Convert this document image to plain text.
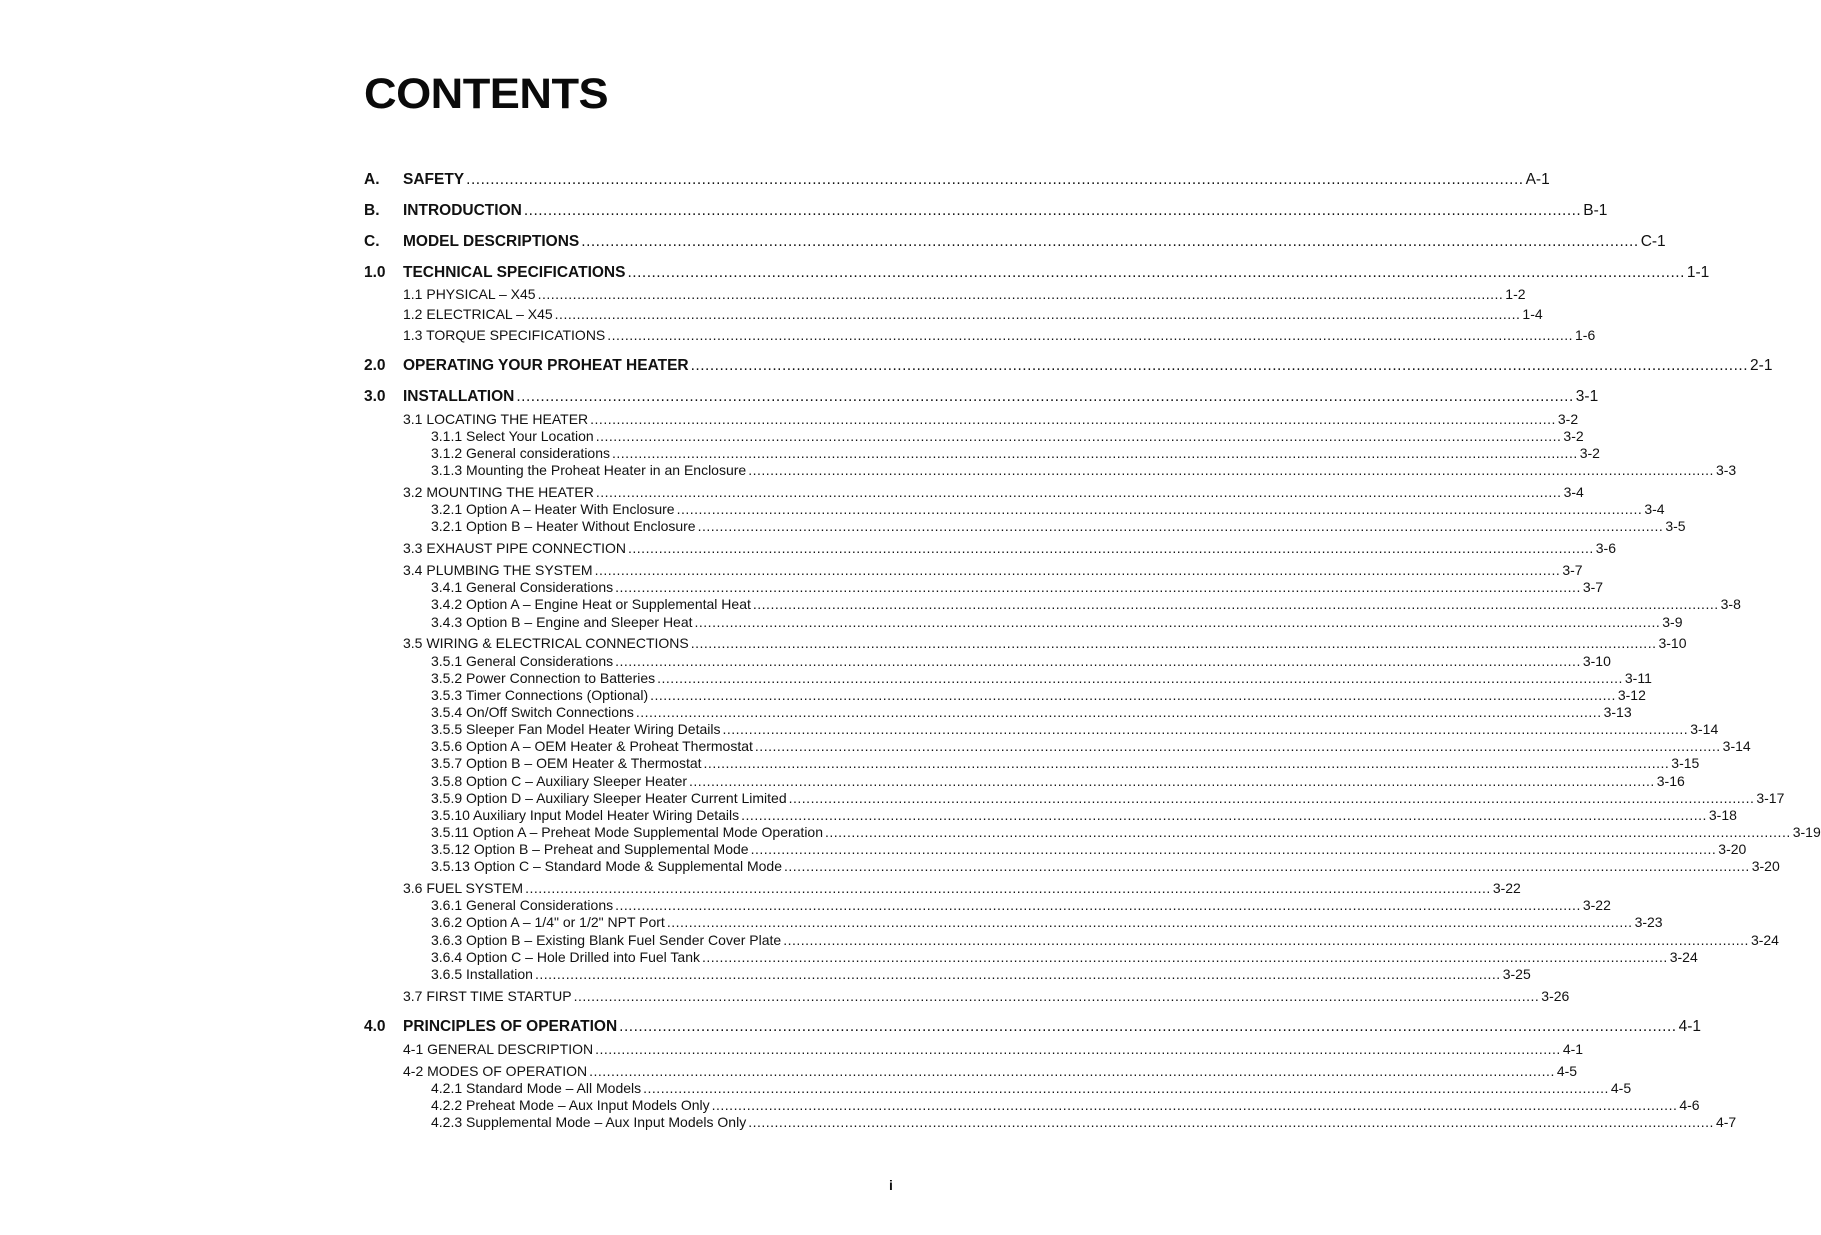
CONTENTS
A. SAFETY ............................................................................................................................................................................................................................ A-1
B. INTRODUCTION ............................................................................................................................................................................................................................ B-1
C. MODEL DESCRIPTIONS ............................................................................................................................................................................................................................ C-1
1.0 TECHNICAL SPECIFICATIONS ............................................................................................................................................................................................................................ 1-1
1.1 PHYSICAL – X45 ............................................................................................................................................................................................................................ 1-2
1.2 ELECTRICAL – X45 ............................................................................................................................................................................................................................ 1-4
1.3 TORQUE SPECIFICATIONS ............................................................................................................................................................................................................................ 1-6
2.0 OPERATING YOUR PROHEAT HEATER ............................................................................................................................................................................................................................ 2-1
3.0 INSTALLATION ............................................................................................................................................................................................................................ 3-1
3.1 LOCATING THE HEATER ............................................................................................................................................................................................................................ 3-2
3.1.1 Select Your Location ............................................................................................................................................................................................................................ 3-2
3.1.2 General considerations ............................................................................................................................................................................................................................ 3-2
3.1.3 Mounting the Proheat Heater in an Enclosure ............................................................................................................................................................................................................................ 3-3
3.2 MOUNTING THE HEATER ............................................................................................................................................................................................................................ 3-4
3.2.1 Option A – Heater With Enclosure ............................................................................................................................................................................................................................ 3-4
3.2.1 Option B – Heater Without Enclosure ............................................................................................................................................................................................................................ 3-5
3.3 EXHAUST PIPE CONNECTION ............................................................................................................................................................................................................................ 3-6
3.4 PLUMBING THE SYSTEM ............................................................................................................................................................................................................................ 3-7
3.4.1 General Considerations ............................................................................................................................................................................................................................ 3-7
3.4.2 Option A – Engine Heat or Supplemental Heat ............................................................................................................................................................................................................................ 3-8
3.4.3 Option B – Engine and Sleeper Heat ............................................................................................................................................................................................................................ 3-9
3.5 WIRING & ELECTRICAL CONNECTIONS ............................................................................................................................................................................................................................ 3-10
3.5.1 General Considerations ............................................................................................................................................................................................................................ 3-10
3.5.2 Power Connection to Batteries ............................................................................................................................................................................................................................ 3-11
3.5.3 Timer Connections (Optional) ............................................................................................................................................................................................................................ 3-12
3.5.4 On/Off Switch Connections ............................................................................................................................................................................................................................ 3-13
3.5.5 Sleeper Fan Model Heater Wiring Details ............................................................................................................................................................................................................................ 3-14
3.5.6 Option A – OEM Heater & Proheat Thermostat ............................................................................................................................................................................................................................ 3-14
3.5.7 Option B – OEM Heater & Thermostat ............................................................................................................................................................................................................................ 3-15
3.5.8 Option C – Auxiliary Sleeper Heater ............................................................................................................................................................................................................................ 3-16
3.5.9 Option D – Auxiliary Sleeper Heater Current Limited ............................................................................................................................................................................................................................ 3-17
3.5.10 Auxiliary Input Model Heater Wiring Details ............................................................................................................................................................................................................................ 3-18
3.5.11 Option A – Preheat Mode Supplemental Mode Operation ............................................................................................................................................................................................................................ 3-19
3.5.12 Option B – Preheat and Supplemental Mode ............................................................................................................................................................................................................................ 3-20
3.5.13 Option C – Standard Mode & Supplemental Mode ............................................................................................................................................................................................................................ 3-20
3.6 FUEL SYSTEM ............................................................................................................................................................................................................................ 3-22
3.6.1 General Considerations ............................................................................................................................................................................................................................ 3-22
3.6.2 Option A – 1/4" or 1/2" NPT Port ............................................................................................................................................................................................................................ 3-23
3.6.3 Option B – Existing Blank Fuel Sender Cover Plate ............................................................................................................................................................................................................................ 3-24
3.6.4 Option C – Hole Drilled into Fuel Tank ............................................................................................................................................................................................................................ 3-24
3.6.5 Installation ............................................................................................................................................................................................................................ 3-25
3.7 FIRST TIME STARTUP ............................................................................................................................................................................................................................ 3-26
4.0 PRINCIPLES OF OPERATION ............................................................................................................................................................................................................................ 4-1
4-1 GENERAL DESCRIPTION ............................................................................................................................................................................................................................ 4-1
4-2 MODES OF OPERATION ............................................................................................................................................................................................................................ 4-5
4.2.1 Standard Mode – All Models ............................................................................................................................................................................................................................ 4-5
4.2.2 Preheat Mode – Aux Input Models Only ............................................................................................................................................................................................................................ 4-6
4.2.3 Supplemental Mode – Aux Input Models Only ............................................................................................................................................................................................................................ 4-7
i
